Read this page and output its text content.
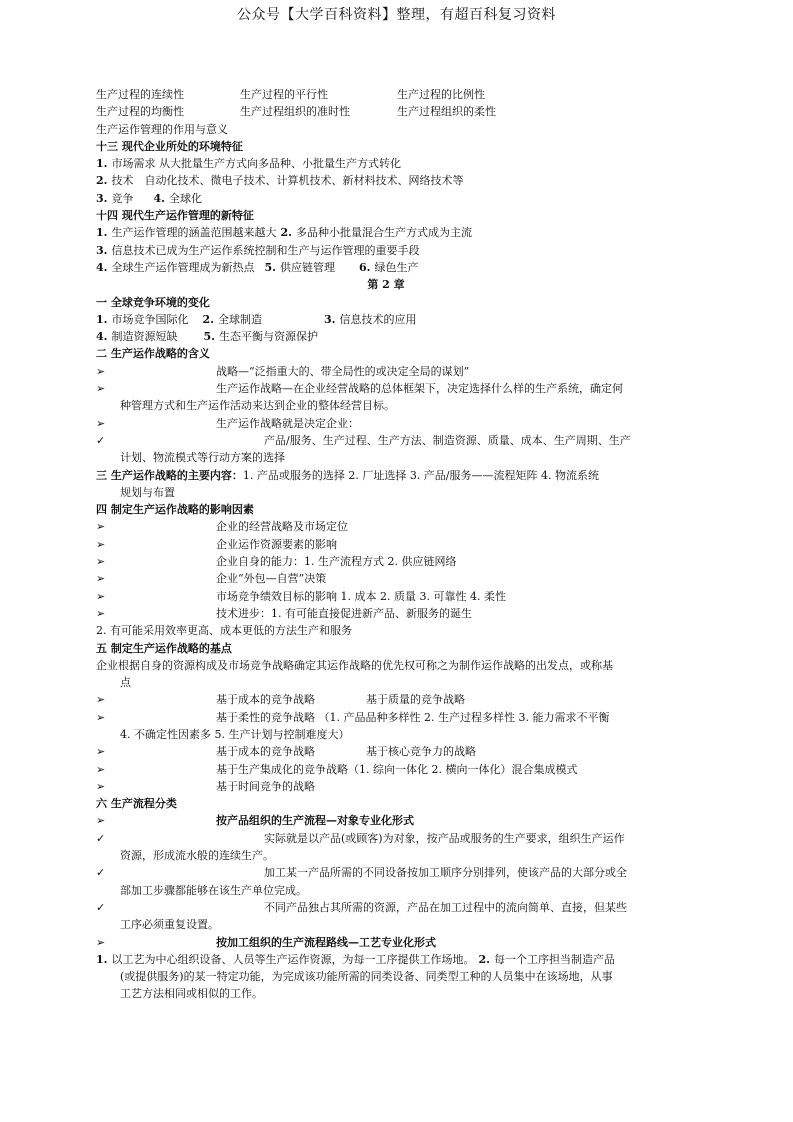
公众号【大学百科资料】整理，有超百科复习资料
生产过程的连续性	生产过程的平行性	生产过程的比例性
生产过程的均衡性	生产过程组织的准时性	生产过程组织的柔性
生产运作管理的作用与意义
十三 现代企业所处的环境特征
1. 市场需求 从大批量生产方式向多品种、小批量生产方式转化
2. 技术　自动化技术、微电子技术、计算机技术、新材料技术、网络技术等
3. 竞争 4. 全球化
十四 现代生产运作管理的新特征
1. 生产运作管理的涵盖范围越来越大 2. 多品种小批量混合生产方式成为主流
3. 信息技术已成为生产运作系统控制和生产与运作管理的重要手段
4. 全球生产运作管理成为新热点 5. 供应链管理 6. 绿色生产
第 2 章
一 全球竞争环境的变化
1. 市场竞争国际化 2. 全球制造	3. 信息技术的应用
4. 制造资源短缺 5. 生态平衡与资源保护
二 生产运作战略的含义
➢	战略—“泛指重大的、带全局性的或决定全局的谋划”
➢	生产运作战略—在企业经营战略的总体框架下，决定选择什么样的生产系统，确定何
种管理方式和生产运作活动来达到企业的整体经营目标。
➢	生产运作战略就是决定企业：
✓	产品/服务、生产过程、生产方法、制造资源、质量、成本、生产周期、生产
计划、物流模式等行动方案的选择
三 生产运作战略的主要内容：1. 产品或服务的选择 2. 厂址选择 3. 产品/服务——流程矩阵 4. 物流系统
规划与布置
四 制定生产运作战略的影响因素
➢	企业的经营战略及市场定位
➢	企业运作资源要素的影响
➢	企业自身的能力：1. 生产流程方式 2. 供应链网络
➢	企业“外包—自营”决策
➢	市场竞争绩效目标的影响 1. 成本 2. 质量 3. 可靠性 4. 柔性
➢	技术进步：1. 有可能直接促进新产品、新服务的诞生
2. 有可能采用效率更高、成本更低的方法生产和服务
五 制定生产运作战略的基点
企业根据自身的资源构成及市场竞争战略确定其运作战略的优先权可称之为制作运作战略的出发点，或称基
点
➢	基于成本的竞争战略	基于质量的竞争战略
➢	基于柔性的竞争战略 （1. 产品品种多样性 2. 生产过程多样性 3. 能力需求不平衡
4. 不确定性因素多 5. 生产计划与控制难度大）
➢	基于成本的竞争战略	基于核心竞争力的战略
➢	基于生产集成化的竞争战略（1. 综向一体化 2. 横向一体化）混合集成模式
➢	基于时间竞争的战略
六 生产流程分类
➢	按产品组织的生产流程—对象专业化形式
✓	实际就是以产品(或顾客)为对象，按产品或服务的生产要求，组织生产运作
资源，形成流水般的连续生产。
✓	加工某一产品所需的不同设备按加工顺序分别排列，使该产品的大部分或全
部加工步骤都能够在该生产单位完成。
✓	不同产品独占其所需的资源，产品在加工过程中的流向简单、直接，但某些
工序必须重复设置。
➢	按加工组织的生产流程路线—工艺专业化形式
1. 以工艺为中心组织设备、人员等生产运作资源，为每一工序提供工作场地。 2. 每一个工序担当制造产品
(或提供服务)的某一特定功能，为完成该功能所需的同类设备、同类型工种的人员集中在该场地，从事
工艺方法相同或相似的工作。
